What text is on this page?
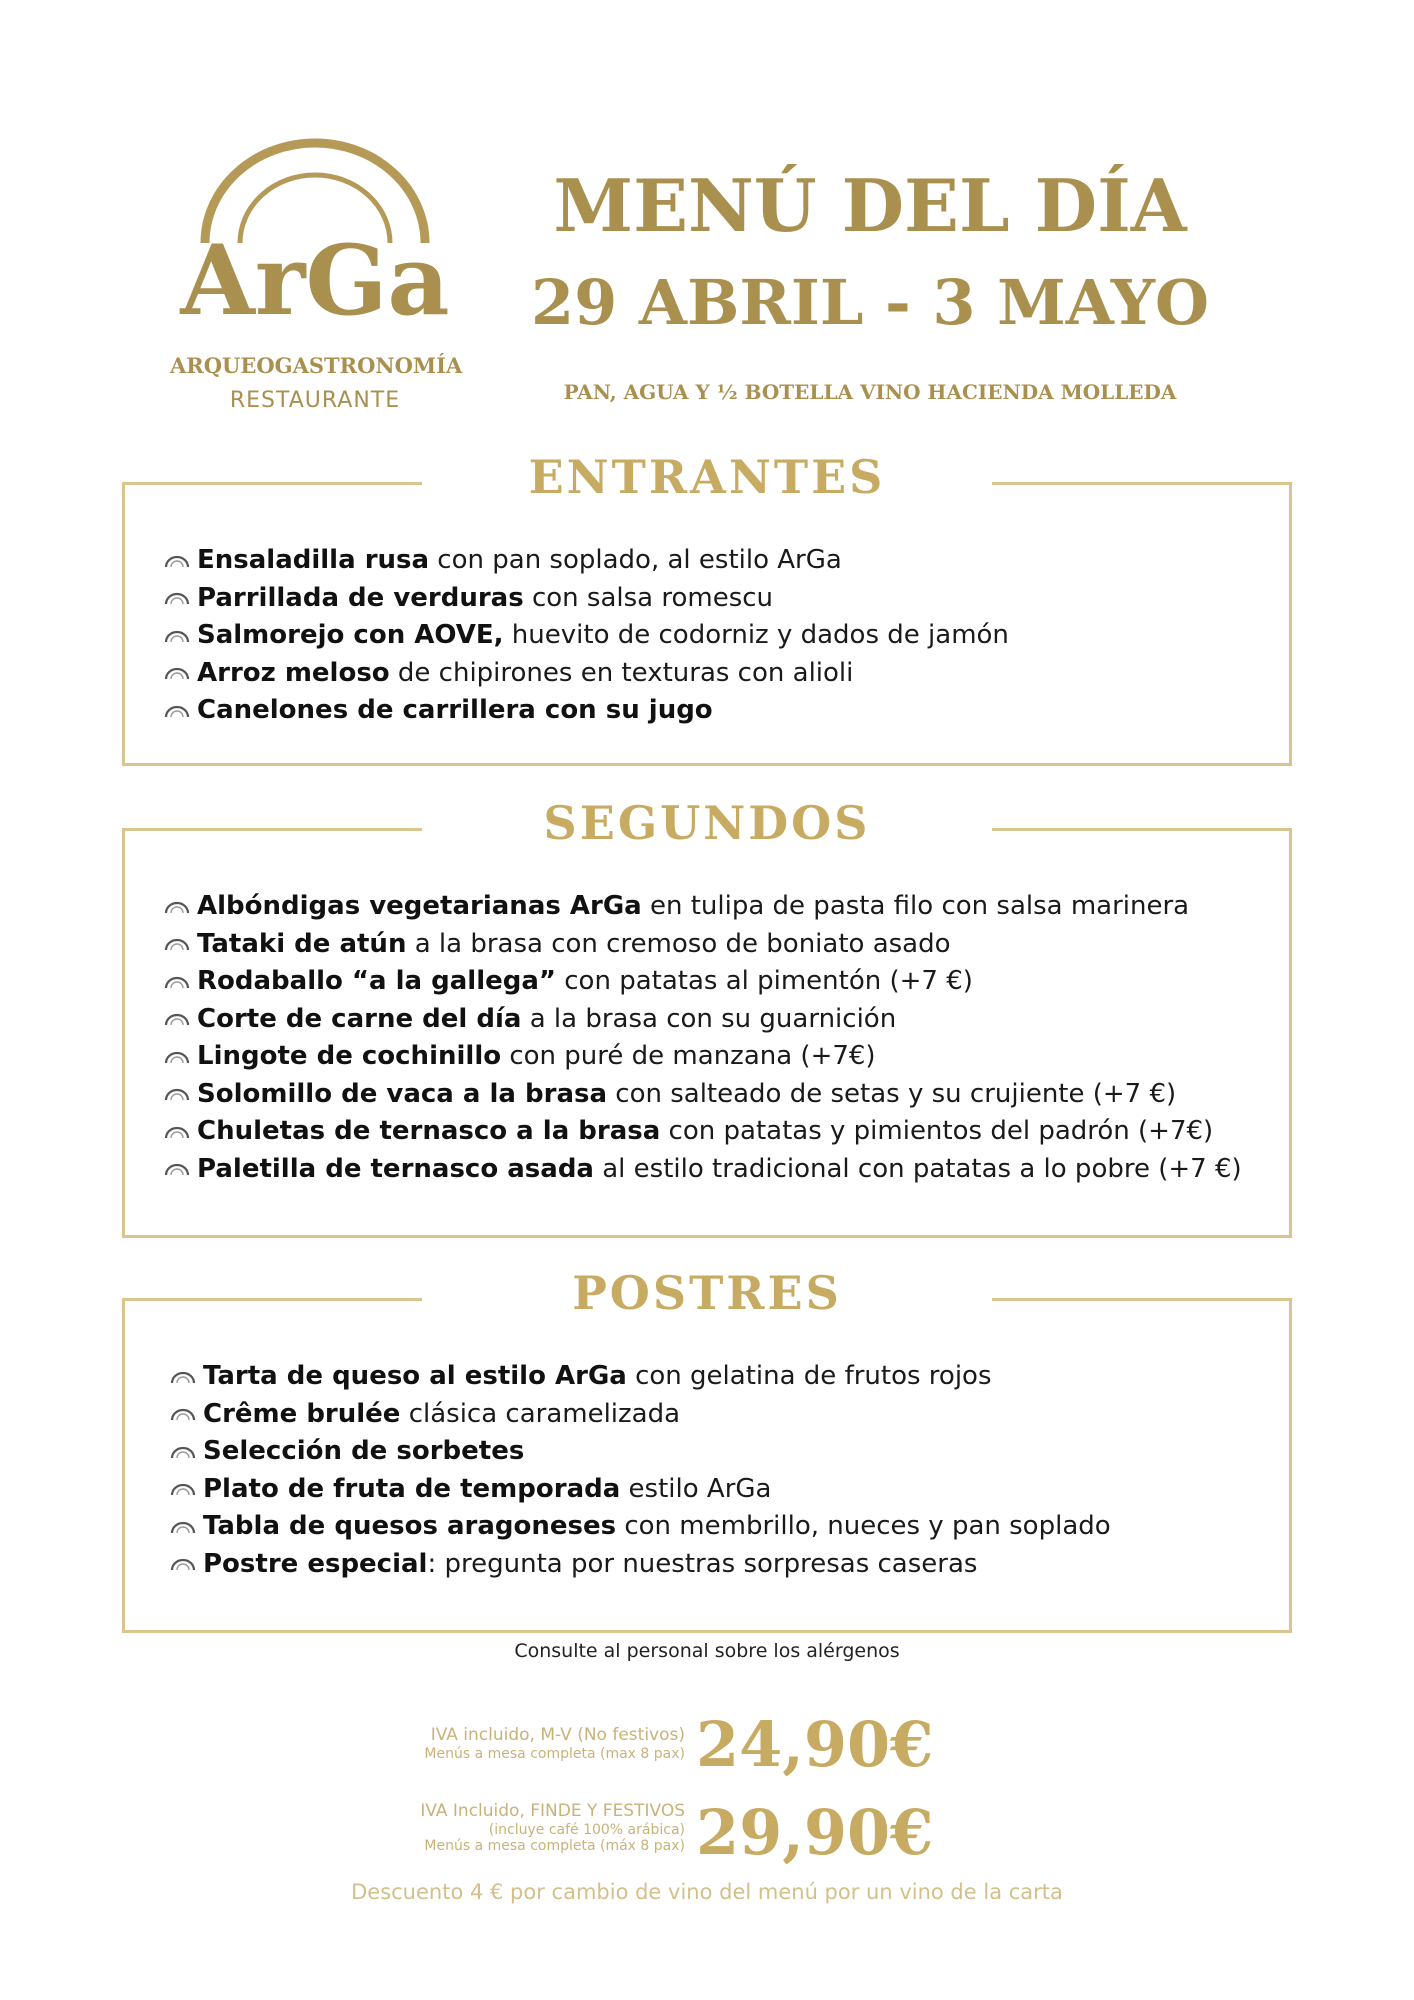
ArGa
ARQUEOGASTRONOMÍA
RESTAURANTE
MENÚ DEL DÍA
29 ABRIL - 3 MAYO
PAN, AGUA Y ½ BOTELLA VINO HACIENDA MOLLEDA
ENTRANTES
Ensaladilla rusa con pan soplado, al estilo ArGa
Parrillada de verduras con salsa romescu
Salmorejo con AOVE, huevito de codorniz y dados de jamón
Arroz meloso de chipirones en texturas con alioli
Canelones de carrillera con su jugo
SEGUNDOS
Albóndigas vegetarianas ArGa en tulipa de pasta filo con salsa marinera
Tataki de atún a la brasa con cremoso de boniato asado
Rodaballo “a la gallega” con patatas al pimentón (+7 €)
Corte de carne del día a la brasa con su guarnición
Lingote de cochinillo con puré de manzana (+7€)
Solomillo de vaca a la brasa con salteado de setas y su crujiente (+7 €)
Chuletas de ternasco a la brasa con patatas y pimientos del padrón (+7€)
Paletilla de ternasco asada al estilo tradicional con patatas a lo pobre (+7 €)
POSTRES
Tarta de queso al estilo ArGa con gelatina de frutos rojos
Crême brulée clásica caramelizada
Selección de sorbetes
Plato de fruta de temporada estilo ArGa
Tabla de quesos aragoneses con membrillo, nueces y pan soplado
Postre especial : pregunta por nuestras sorpresas caseras
Consulte al personal sobre los alérgenos
IVA incluido, M-V (No festivos)
Menús a mesa completa (max 8 pax) 24,90€
IVA Incluido, FINDE Y FESTIVOS
(incluye café 100% arábica)
Menús a mesa completa (máx 8 pax) 29,90€
Descuento 4 € por cambio de vino del menú por un vino de la carta
